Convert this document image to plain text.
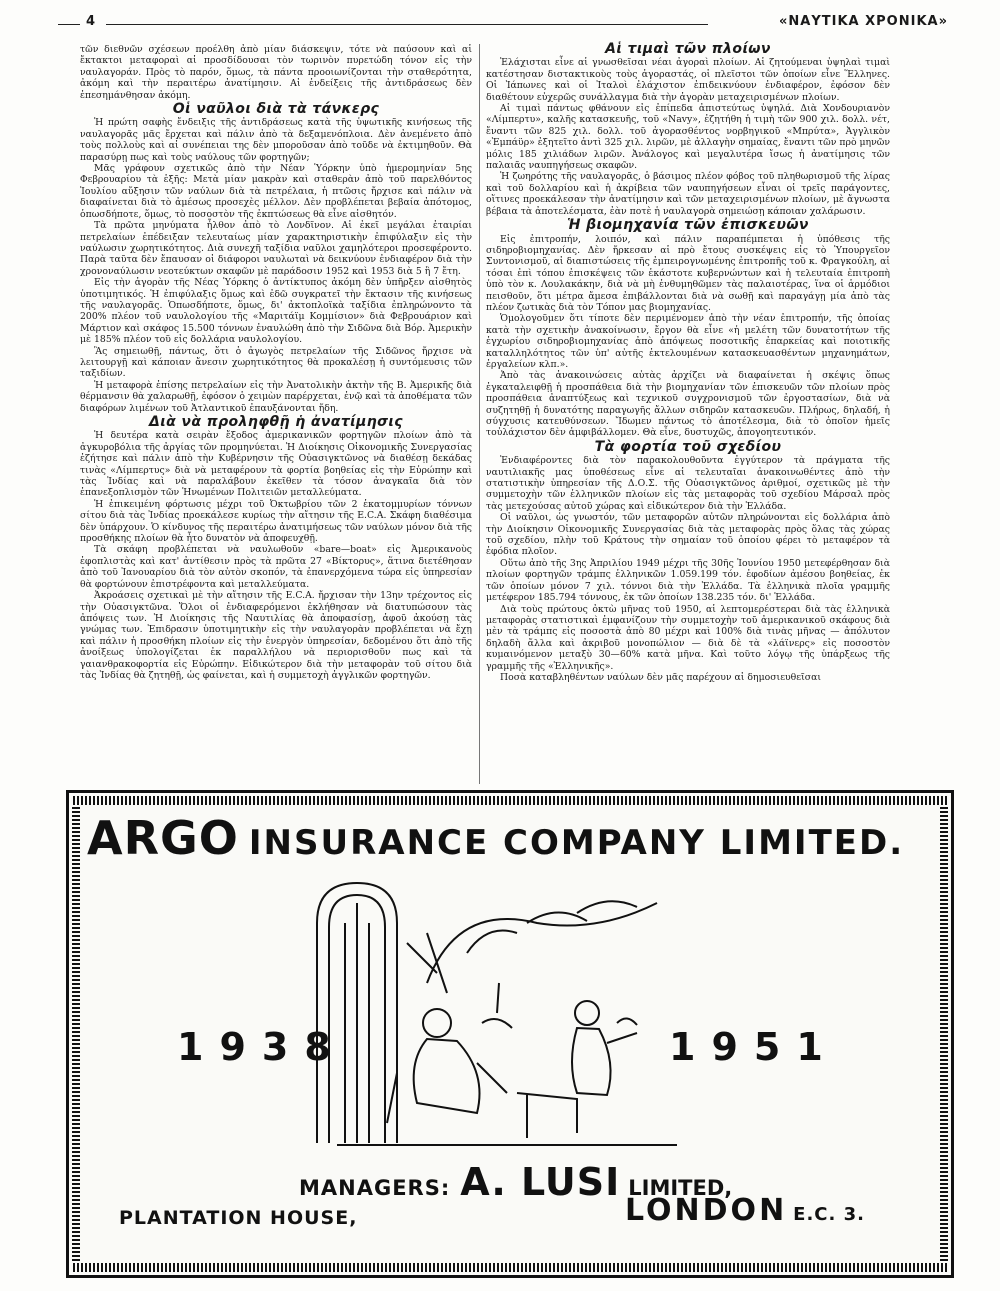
4	«ΝΑΥΤΙΚΑ ΧΡΟΝΙΚΑ»

τῶν διεθνῶν σχέσεων προέλθη ἀπὸ μίαν διάσκεψιν, τότε νὰ παύσουν καὶ αἱ ἔκτακτοι μεταφοραὶ αἱ προσδίδουσαι τὸν τωρινὸν πυρετώδη τόνον εἰς τὴν ναυλαγοράν. Πρὸς τὸ παρόν, ὅμως, τὰ πάντα προοιωνίζονται τὴν σταθερότητα, ἀκόμη καὶ τὴν περαιτέρω ἀνατίμησιν. Αἱ ἐνδείξεις τῆς ἀντιδράσεως δὲν ἐπεσημάνθησαν ἀκόμη.

Οἱ ναῦλοι διὰ τὰ τάνκερς

Ἡ πρώτη σαφὴς ἔνδειξις τῆς ἀντιδράσεως κατὰ τῆς ὑψωτικῆς κινήσεως τῆς ναυλαγορᾶς μᾶς ἔρχεται καὶ πάλιν ἀπὸ τὰ δεξαμενόπλοια. Δὲν ἀνεμένετο ἀπὸ τοὺς πολλοὺς καὶ αἱ συνέπειαι της δὲν μποροῦσαν ἀπὸ τοῦδε νὰ ἐκτιμηθοῦν. Θὰ παρασύρῃ πως καὶ τοὺς ναύλους τῶν φορτηγῶν;

Μᾶς γράφουν σχετικῶς ἀπὸ τὴν Νέαν Ὑόρκην ὑπὸ ἡμερομηνίαν 5ης Φεβρουαρίου τὰ ἑξῆς: Μετὰ μίαν μακρὰν καὶ σταθερὰν ἀπὸ τοῦ παρελθόντος Ἰουλίου αὔξησιν τῶν ναύλων διὰ τὰ πετρέλαια, ἡ πτῶσις ἤρχισε καὶ πάλιν νὰ διαφαίνεται διὰ τὸ ἀμέσως προσεχὲς μέλλον. Δὲν προβλέπεται βεβαία ἀπότομος, ὁπωσδήποτε, ὅμως, τὸ ποσοστὸν τῆς ἐκπτώσεως θὰ εἶνε αἰσθητόν.

Τὰ πρῶτα μηνύματα ἦλθον ἀπὸ τὸ Λονδῖνον. Αἱ ἐκεῖ μεγάλαι ἑταιρίαι πετρελαίων ἐπέδειξαν τελευταίως μίαν χαρακτηριστικὴν ἐπιφύλαξιν εἰς τὴν ναύλωσιν χωρητικότητος. Διὰ συνεχῆ ταξίδια ναῦλοι χαμηλότεροι προσεφέροντο. Παρὰ ταῦτα δὲν ἔπαυσαν οἱ διάφοροι ναυλωταὶ νὰ δεικνύουν ἐνδιαφέρον διὰ τὴν χρονοναύλωσιν νεοτεύκτων σκαφῶν μὲ παράδοσιν 1952 καὶ 1953 διὰ 5 ἢ 7 ἔτη.

Εἰς τὴν ἀγορὰν τῆς Νέας Ὑόρκης ὁ ἀντίκτυπος ἀκόμη δὲν ὑπῆρξεν αἰσθητὸς ὑποτιμητικός. Ἡ ἐπιφύλαξις ὅμως καὶ ἐδῶ συγκρατεῖ τὴν ἔκτασιν τῆς κινήσεως τῆς ναυλαγορᾶς. Ὁπωσδήποτε, ὅμως, δι' ἀκτοπλοϊκὰ ταξίδια ἐπληρώνοντο τὰ 200% πλέον τοῦ ναυλολογίου τῆς «Μαριτάϊμ Κομμίσιον» διὰ Φεβρουάριον καὶ Μάρτιον καὶ σκάφος 15.500 τόννων ἐναυλώθη ἀπὸ τὴν Σιδῶνα διὰ Βόρ. Ἀμερικὴν μὲ 185% πλέον τοῦ εἰς δολλάρια ναυλολογίου.

Ἂς σημειωθῇ, πάντως, ὅτι ὁ ἀγωγὸς πετρελαίων τῆς Σιδῶνος ἤρχισε νὰ λειτουργῇ καὶ κάποιαν ἄνεσιν χωρητικότητος θὰ προκαλέσῃ ἡ συντόμευσις τῶν ταξιδίων.

Ἡ μεταφορὰ ἐπίσης πετρελαίων εἰς τὴν Ἀνατολικὴν ἀκτὴν τῆς Β. Ἀμερικῆς διὰ θέρμανσιν θὰ χαλαρωθῇ, ἐφόσον ὁ χειμὼν παρέρχεται, ἐνῷ καὶ τὰ ἀποθέματα τῶν διαφόρων λιμένων τοῦ Ἀτλαντικοῦ ἐπαυξάνονται ἤδη.

Διὰ νὰ προληφθῇ ἡ ἀνατίμησις

Ἡ δευτέρα κατὰ σειρὰν ἔξοδος ἀμερικανικῶν φορτηγῶν πλοίων ἀπὸ τὰ ἀγκυροβόλια τῆς ἀργίας τῶν προμηνύεται. Ἡ Διοίκησις Οἰκονομικῆς Συνεργασίας ἐζήτησε καὶ πάλιν ἀπὸ τὴν Κυβέρνησιν τῆς Οὐασιγκτῶνος νὰ διαθέσῃ δεκάδας τινὰς «Λίμπερτυς» διὰ νὰ μεταφέρουν τὰ φορτία βοηθείας εἰς τὴν Εὐρώπην καὶ τὰς Ἰνδίας καὶ νὰ παραλάβουν ἐκεῖθεν τὰ τόσον ἀναγκαῖα διὰ τὸν ἐπανεξοπλισμὸν τῶν Ἡνωμένων Πολιτειῶν μεταλλεύματα.

Ἡ ἐπικειμένη φόρτωσις μέχρι τοῦ Ὀκτωβρίου τῶν 2 ἑκατομμυρίων τόννων σίτου διὰ τὰς Ἰνδίας προεκάλεσε κυρίως τὴν αἴτησιν τῆς E.C.A. Σκάφη διαθέσιμα δὲν ὑπάρχουν. Ὁ κίνδυνος τῆς περαιτέρω ἀνατιμήσεως τῶν ναύλων μόνον διὰ τῆς προσθήκης πλοίων θὰ ἦτο δυνατὸν νὰ ἀποφευχθῇ.

Τὰ σκάφη προβλέπεται νὰ ναυλωθοῦν «bare—boat» εἰς Ἀμερικανοὺς ἐφοπλιστὰς καὶ κατ' ἀντίθεσιν πρὸς τὰ πρῶτα 27 «Βίκτορυς», ἅτινα διετέθησαν ἀπὸ τοῦ Ἰανουαρίου διὰ τὸν αὐτὸν σκοπόν, τὰ ἐπανερχόμενα τώρα εἰς ὑπηρεσίαν θὰ φορτώνουν ἐπιστρέφοντα καὶ μεταλλεύματα.

Ἀκροάσεις σχετικαὶ μὲ τὴν αἴτησιν τῆς E.C.A. ἤρχισαν τὴν 13ην τρέχοντος εἰς τὴν Οὐασιγκτῶνα. Ὅλοι οἱ ἐνδιαφερόμενοι ἐκλήθησαν νὰ διατυπώσουν τὰς ἀπόψεις των. Ἡ Διοίκησις τῆς Ναυτιλίας θὰ ἀποφασίσῃ, ἀφοῦ ἀκούσῃ τὰς γνώμας των. Ἐπιδρασιν ὑποτιμητικὴν εἰς τὴν ναυλαγορὰν προβλέπεται νὰ ἔχῃ καὶ πάλιν ἡ προσθήκη πλοίων εἰς τὴν ἐνεργὸν ὑπηρεσίαν, δεδομένου ὅτι ἀπὸ τῆς ἀνοίξεως ὑπολογίζεται ἐκ παραλλήλου νὰ περιορισθοῦν πως καὶ τὰ γαιανθρακοφορτία εἰς Εὐρώπην. Εἰδικώτερον διὰ τὴν μεταφορὰν τοῦ σίτου διὰ τὰς Ἰνδίας θὰ ζητηθῇ, ὡς φαίνεται, καὶ ἡ συμμετοχὴ ἀγγλικῶν φορτηγῶν.

Αἱ τιμαὶ τῶν πλοίων

Ἐλάχισται εἶνε αἱ γνωσθεῖσαι νέαι ἀγοραὶ πλοίων. Αἱ ζητούμεναι ὑψηλαὶ τιμαὶ κατέστησαν διστακτικοὺς τοὺς ἀγοραστάς, οἱ πλεῖστοι τῶν ὁποίων εἶνε Ἕλληνες. Οἱ Ἰάπωνες καὶ οἱ Ἰταλοὶ ἐλάχιστον ἐπιδεικνύουν ἐνδιαφέρον, ἐφόσον δὲν διαθέτουν εὐχερῶς συνάλλαγμα διὰ τὴν ἀγορὰν μεταχειρισμένων πλοίων.

Αἱ τιμαὶ πάντως φθάνουν εἰς ἐπίπεδα ἀπιστεύτως ὑψηλά. Διὰ Χονδουριανὸν «Λίμπερτυ», καλῆς κατασκευῆς, τοῦ «Navy», ἐζητήθη ἡ τιμὴ τῶν 900 χιλ. δολλ. νέτ, ἔναντι τῶν 825 χιλ. δολλ. τοῦ ἀγορασθέντος νορβηγικοῦ «Μπρύτα», Ἀγγλικὸν «Ἐμπάϋρ» ἐξητεῖτο ἀντὶ 325 χιλ. λιρῶν, μὲ ἀλλαγὴν σημαίας, ἔναντι τῶν πρὸ μηνῶν μόλις 185 χιλιάδων λιρῶν. Ἀνάλογος καὶ μεγαλυτέρα ἴσως ἡ ἀνατίμησις τῶν παλαιᾶς ναυπηγήσεως σκαφῶν.

Ἡ ζωηρότης τῆς ναυλαγορᾶς, ὁ βάσιμος πλέον φόβος τοῦ πληθωρισμοῦ τῆς λίρας καὶ τοῦ δολλαρίου καὶ ἡ ἀκρίβεια τῶν ναυπηγήσεων εἶναι οἱ τρεῖς παράγοντες, οἵτινες προεκάλεσαν τὴν ἀνατίμησιν καὶ τῶν μεταχειρισμένων πλοίων, μὲ ἄγνωστα βέβαια τὰ ἀποτελέσματα, ἐὰν ποτὲ ἡ ναυλαγορὰ σημειώσῃ κάποιαν χαλάρωσιν.

Ἡ βιομηχανία τῶν ἐπισκευῶν

Εἰς ἐπιτροπήν, λοιπόν, καὶ πάλιν παραπέμπεται ἡ ὑπόθεσις τῆς σιδηροβιομηχανίας. Δὲν ἤρκεσαν αἱ πρὸ ἔτους συσκέψεις εἰς τὸ Ὑπουργεῖον Συντονισμοῦ, αἱ διαπιστώσεις τῆς ἐμπειρογνωμένης ἐπιτροπῆς τοῦ κ. Φραγκούλη, αἱ τόσαι ἐπὶ τόπου ἐπισκέψεις τῶν ἑκάστοτε κυβερνώντων καὶ ἡ τελευταία ἐπιτροπὴ ὑπὸ τὸν κ. Λουλακάκην, διὰ νὰ μὴ ἐνθυμηθῶμεν τὰς παλαιοτέρας, ἵνα οἱ ἁρμόδιοι πεισθοῦν, ὅτι μέτρα ἄμεσα ἐπιβάλλονται διὰ νὰ σωθῇ καὶ παραγάγῃ μία ἀπὸ τὰς πλέον ζωτικὰς διὰ τὸν Τόπον μας βιομηχανίας.

Ὁμολογοῦμεν ὅτι τίποτε δὲν περιμένομεν ἀπὸ τὴν νέαν ἐπιτροπήν, τῆς ὁποίας κατὰ τὴν σχετικὴν ἀνακοίνωσιν, ἔργον θὰ εἶνε «ἡ μελέτη τῶν δυνατοτήτων τῆς ἐγχωρίου σιδηροβιομηχανίας ἀπὸ ἀπόψεως ποσοτικῆς ἐπαρκείας καὶ ποιοτικῆς καταλληλότητος τῶν ὑπ' αὐτῆς ἐκτελουμένων κατασκευασθέντων μηχανημάτων, ἐργαλείων κλπ.».

Ἀπὸ τὰς ἀνακοινώσεις αὐτὰς ἀρχίζει νὰ διαφαίνεται ἡ σκέψις ὅπως ἐγκαταλειφθῇ ἡ προσπάθεια διὰ τὴν βιομηχανίαν τῶν ἐπισκευῶν τῶν πλοίων πρὸς προσπάθεια ἀναπτύξεως καὶ τεχνικοῦ συγχρονισμοῦ τῶν ἐργοστασίων, διὰ νὰ συζητηθῇ ἡ δυνατότης παραγωγῆς ἄλλων σιδηρῶν κατασκευῶν. Πλήρως, δηλαδή, ἡ σύγχυσις κατευθύνσεων. Ἴδωμεν πάντως τὸ ἀποτέλεσμα, διὰ τὸ ὁποῖον ἡμεῖς τοὐλάχιστον δὲν ἀμφιβάλλομεν. Θὰ εἶνε, δυστυχῶς, ἀπογοητευτικόν.

Τὰ φορτία τοῦ σχεδίου

Ἐνδιαφέροντες διὰ τὸν παρακολουθοῦντα ἐγγύτερον τὰ πράγματα τῆς ναυτιλιακῆς μας ὑποθέσεως εἶνε αἱ τελευταῖαι ἀνακοινωθέντες ἀπὸ τὴν στατιστικὴν ὑπηρεσίαν τῆς Δ.Ο.Σ. τῆς Οὐασιγκτῶνος ἀριθμοί, σχετικῶς μὲ τὴν συμμετοχὴν τῶν ἑλληνικῶν πλοίων εἰς τὰς μεταφορὰς τοῦ σχεδίου Μάρσαλ πρὸς τὰς μετεχούσας αὐτοῦ χώρας καὶ εἰδικώτερον διὰ τὴν Ἑλλάδα.

Οἱ ναῦλοι, ὡς γνωστόν, τῶν μεταφορῶν αὐτῶν πληρώνονται εἰς δολλάρια ἀπὸ τὴν Διοίκησιν Οἰκονομικῆς Συνεργασίας διὰ τὰς μεταφορὰς πρὸς ὅλας τὰς χώρας τοῦ σχεδίου, πλὴν τοῦ Κράτους τὴν σημαίαν τοῦ ὁποίου φέρει τὸ μεταφέρον τὰ ἐφόδια πλοῖον.

Οὕτω ἀπὸ τῆς 3ης Ἀπριλίου 1949 μέχρι τῆς 30ῆς Ἰουνίου 1950 μετεφέρθησαν διὰ πλοίων φορτηγῶν τράμπς ἑλληνικῶν 1.059.199 τόν. ἐφοδίων ἀμέσου βοηθείας, ἐκ τῶν ὁποίων μόνον 7 χιλ. τόννοι διὰ τὴν Ἑλλάδα. Τὰ ἑλληνικὰ πλοῖα γραμμῆς μετέφερον 185.794 τόννους, ἐκ τῶν ὁποίων 138.235 τόν. δι' Ἑλλάδα.

Διὰ τοὺς πρώτους ὀκτὼ μῆνας τοῦ 1950, αἱ λεπτομερέστεραι διὰ τὰς ἑλληνικὰ μεταφορὰς στατιστικαὶ ἐμφανίζουν τὴν συμμετοχὴν τοῦ ἀμερικανικοῦ σκάφους διὰ μὲν τὰ τράμπς εἰς ποσοστὰ ἀπὸ 80 μέχρι καὶ 100% διὰ τινὰς μῆνας — ἀπόλυτον δηλαδὴ ἄλλα καὶ ἀκριβοῦ μονοπώλιον — διὰ δὲ τὰ «λάϊνερς» εἰς ποσοστὸν κυμαινόμενον μεταξὺ 30—60% κατὰ μῆνα. Καὶ τοῦτο λόγῳ τῆς ὑπάρξεως τῆς γραμμῆς τῆς «Ἑλληνικῆς».

Ποσὰ καταβληθέντων ναύλων δὲν μᾶς παρέχουν αἱ δημοσιευθεῖσαι

ARGO INSURANCE COMPANY LIMITED.
1938	1951
MANAGERS: A. LUSI LIMITED,
PLANTATION HOUSE,	LONDON E.C. 3.
